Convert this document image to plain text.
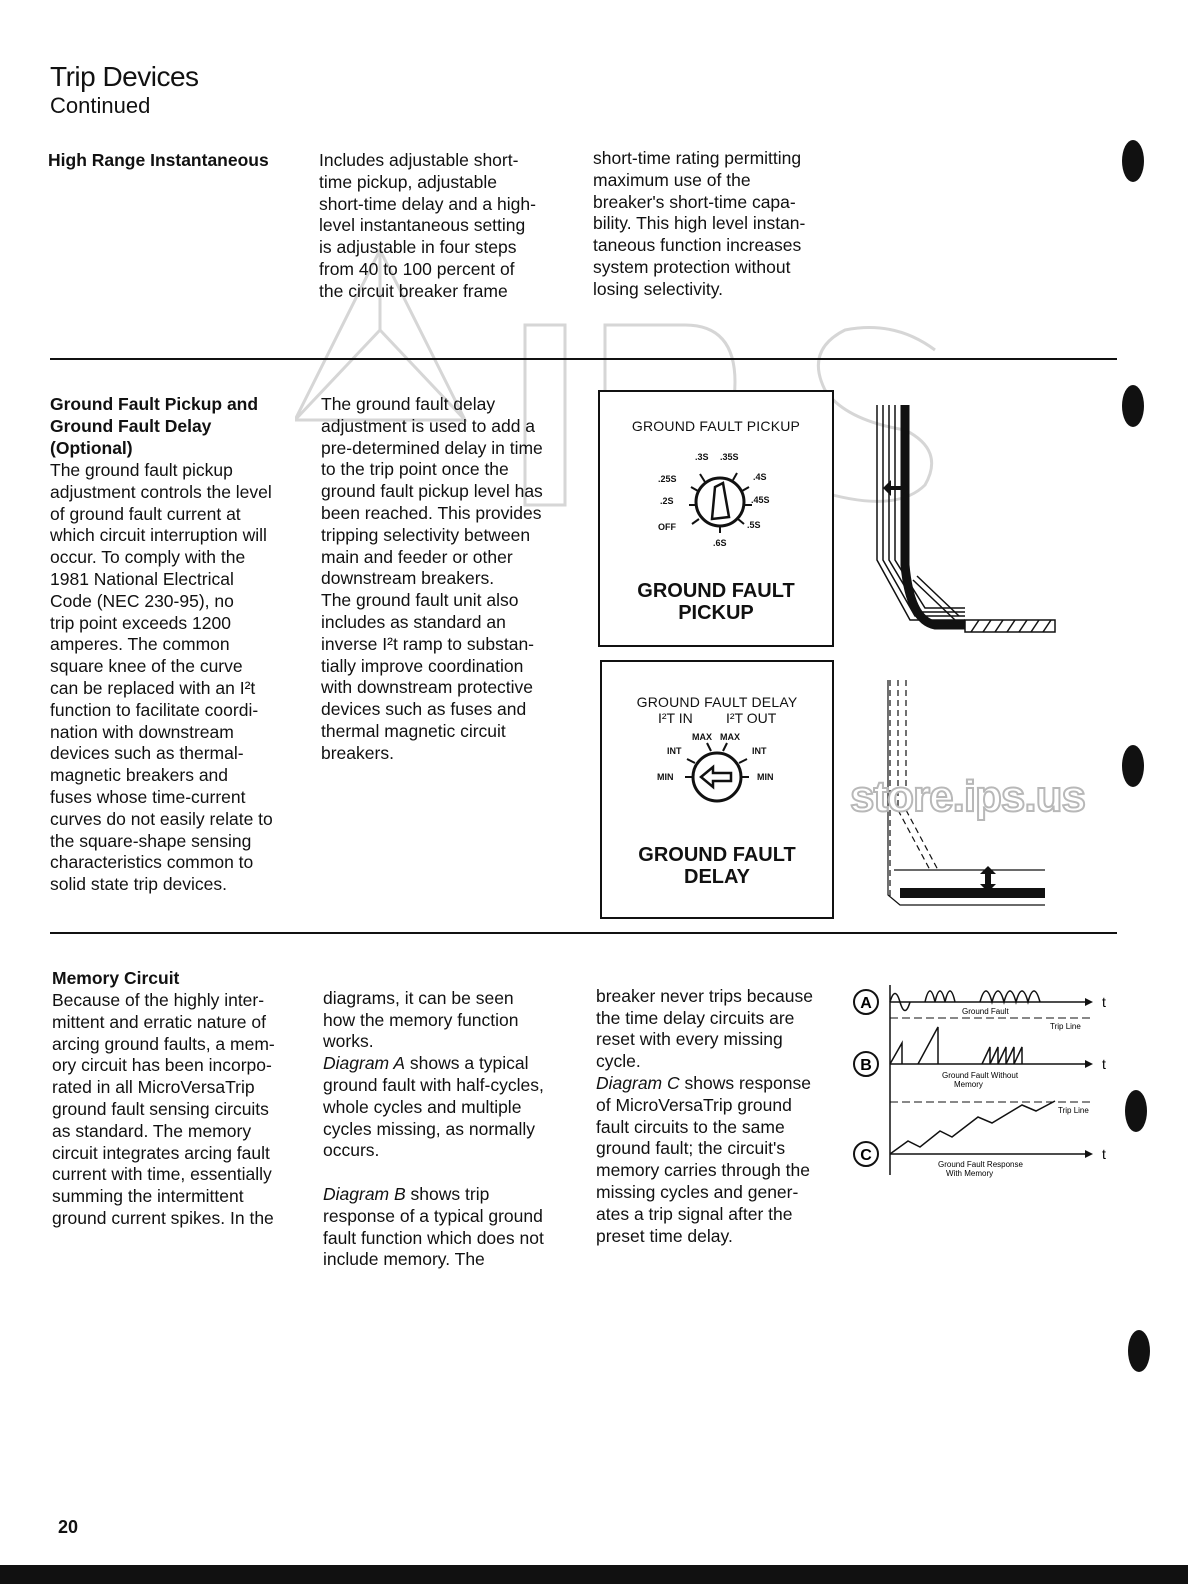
Trip Devices
Continued
High Range Instantaneous	Includes adjustable short-
time pickup, adjustable
short-time delay and a high-
level instantaneous setting
is adjustable in four steps
from 40 to 100 percent of
the circuit breaker frame
short-time rating permitting
maximum use of the
breaker's short-time capa-
bility. This high level instan-
taneous function increases
system protection without
losing selectivity.
Ground Fault Pickup and
Ground Fault Delay
(Optional)
The ground fault pickup
adjustment controls the level
of ground fault current at
which circuit interruption will
occur. To comply with the
1981 National Electrical
Code (NEC 230-95), no
trip point exceeds 1200
amperes. The common
square knee of the curve
can be replaced with an I²t
function to facilitate coordi-
nation with downstream
devices such as thermal-
magnetic breakers and
fuses whose time-current
curves do not easily relate to
the square-shape sensing
characteristics common to
solid state trip devices.
The ground fault delay
adjustment is used to add a
pre-determined delay in time
to the trip point once the
ground fault pickup level has
been reached. This provides
tripping selectivity between
main and feeder or other
downstream breakers.
The ground fault unit also
includes as standard an
inverse I²t ramp to substan-
tially improve coordination
with downstream protective
devices such as fuses and
thermal magnetic circuit
breakers.
GROUND FAULT PICKUP
.3S .35S
.4S
.45S
.5S
.6S
OFF
.2S
.25S
GROUND FAULT
PICKUP
GROUND FAULT DELAY
I²T IN I²T OUT
MAX MAX
INT	INT
MIN	MIN
GROUND FAULT
DELAY
store.ips.us
Memory Circuit
Because of the highly inter-
mittent and erratic nature of
arcing ground faults, a mem-
ory circuit has been incorpo-
rated in all MicroVersaTrip
ground fault sensing circuits
as standard. The memory
circuit integrates arcing fault
current with time, essentially
summing the intermittent
ground current spikes. In the

diagrams, it can be seen
how the memory function
works.

Diagram A shows a typical
ground fault with half-cycles,
whole cycles and multiple
cycles missing, as normally
occurs.

Diagram B shows trip
response of a typical ground
fault function which does not
include memory. The

breaker never trips because
the time delay circuits are
reset with every missing
cycle.

Diagram C shows response
of MicroVersaTrip ground
fault circuits to the same
ground fault; the circuit's
memory carries through the
missing cycles and gener-
ates a trip signal after the
preset time delay.

A
B
C
t
t
t
Ground Fault
Trip Line
Ground Fault Without
Memory
Trip Line
Ground Fault Response
With Memory
20
